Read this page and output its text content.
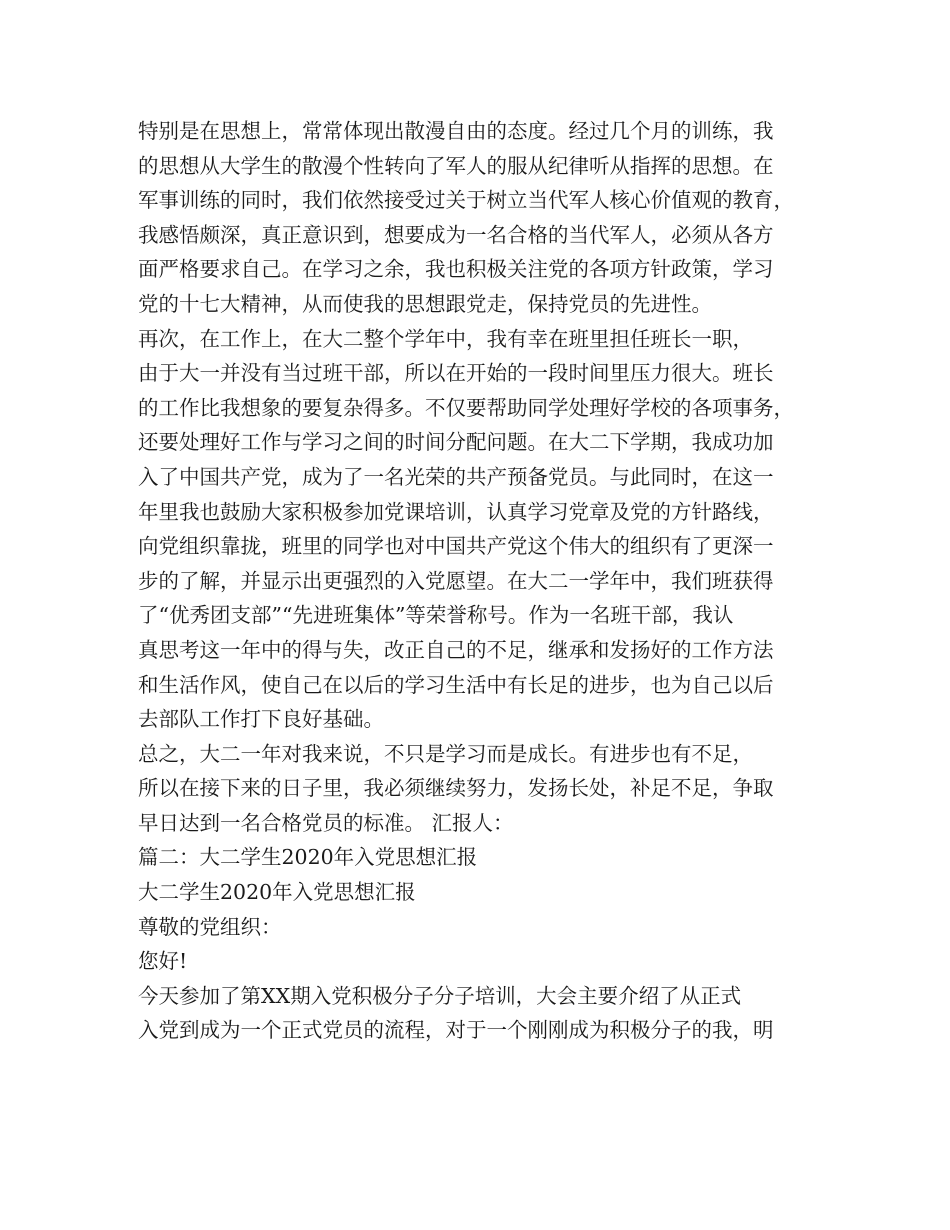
特别是在思想上，常常体现出散漫自由的态度。经过几个月的训练，我
的思想从大学生的散漫个性转向了军人的服从纪律听从指挥的思想。在
军事训练的同时，我们依然接受过关于树立当代军人核心价值观的教育，
我感悟颇深，真正意识到，想要成为一名合格的当代军人，必须从各方
面严格要求自己。在学习之余，我也积极关注党的各项方针政策，学习
党的十七大精神，从而使我的思想跟党走，保持党员的先进性。
再次，在工作上，在大二整个学年中，我有幸在班里担任班长一职，
由于大一并没有当过班干部，所以在开始的一段时间里压力很大。班长
的工作比我想象的要复杂得多。不仅要帮助同学处理好学校的各项事务，
还要处理好工作与学习之间的时间分配问题。在大二下学期，我成功加
入了中国共产党，成为了一名光荣的共产预备党员。与此同时，在这一
年里我也鼓励大家积极参加党课培训，认真学习党章及党的方针路线，
向党组织靠拢，班里的同学也对中国共产党这个伟大的组织有了更深一
步的了解，并显示出更强烈的入党愿望。在大二一学年中，我们班获得
了“优秀团支部”“先进班集体”等荣誉称号。作为一名班干部，我认
真思考这一年中的得与失，改正自己的不足，继承和发扬好的工作方法
和生活作风，使自己在以后的学习生活中有长足的进步，也为自己以后
去部队工作打下良好基础。
总之，大二一年对我来说，不只是学习而是成长。有进步也有不足，
所以在接下来的日子里，我必须继续努力，发扬长处，补足不足，争取
早日达到一名合格党员的标准。 汇报人：
篇二：大二学生2020年入党思想汇报
大二学生2020年入党思想汇报
尊敬的党组织：
您好!
今天参加了第XX期入党积极分子分子培训，大会主要介绍了从正式
入党到成为一个正式党员的流程，对于一个刚刚成为积极分子的我，明
